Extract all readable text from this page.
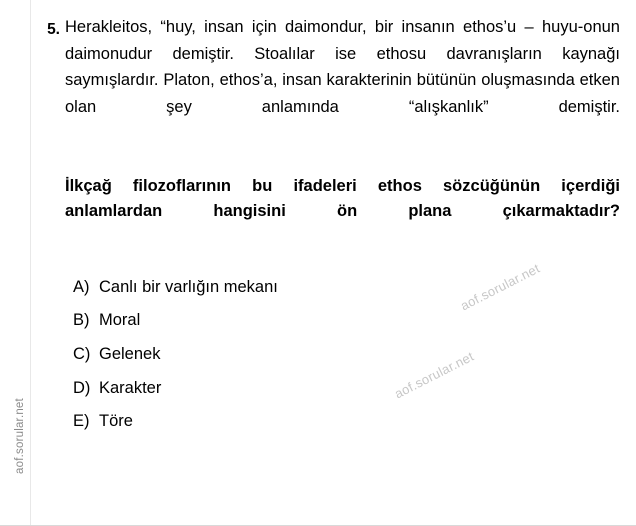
aof.sorular.net
5. Herakleitos, “huy, insan için daimondur, bir insanın ethos’u – huyu-onun daimonudur demiştir. Stoalılar ise ethosu davranışların kaynağı saymışlardır. Platon, ethos’a, insan karakterinin bütünün oluşmasında etken olan şey anlamında “alışkanlık” demiştir.
İlkçağ filozoflarının bu ifadeleri ethos sözcüğünün içerdiği anlamlardan hangisini ön plana çıkarmaktadır?
A) Canlı bir varlığın mekanı
B) Moral
C) Gelenek
D) Karakter
E) Töre
aof.sorular.net
aof.sorular.net
